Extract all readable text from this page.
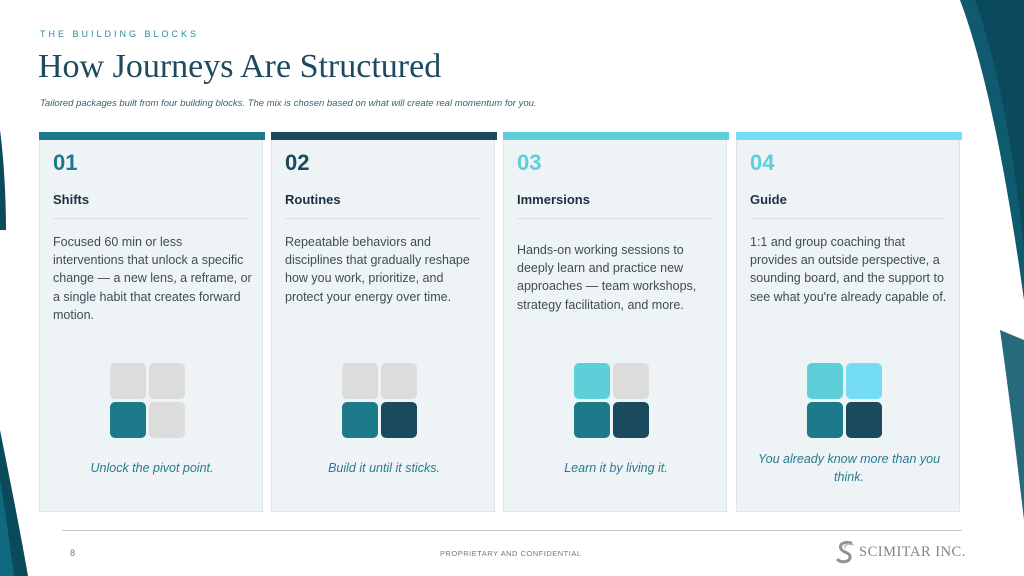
THE BUILDING BLOCKS
How Journeys Are Structured
Tailored packages built from four building blocks. The mix is chosen based on what will create real momentum for you.
01
Shifts
Focused 60 min or less interventions that unlock a specific change — a new lens, a reframe, or a single habit that creates forward motion.
Unlock the pivot point.
02
Routines
Repeatable behaviors and disciplines that gradually reshape how you work, prioritize, and protect your energy over time.
Build it until it sticks.
03
Immersions
Hands-on working sessions to deeply learn and practice new approaches — team workshops, strategy facilitation, and more.
Learn it by living it.
04
Guide
1:1 and group coaching that provides an outside perspective, a sounding board, and the support to see what you're already capable of.
You already know more than you think.
8	PROPRIETARY AND CONFIDENTIAL	SCIMITAR INC.
